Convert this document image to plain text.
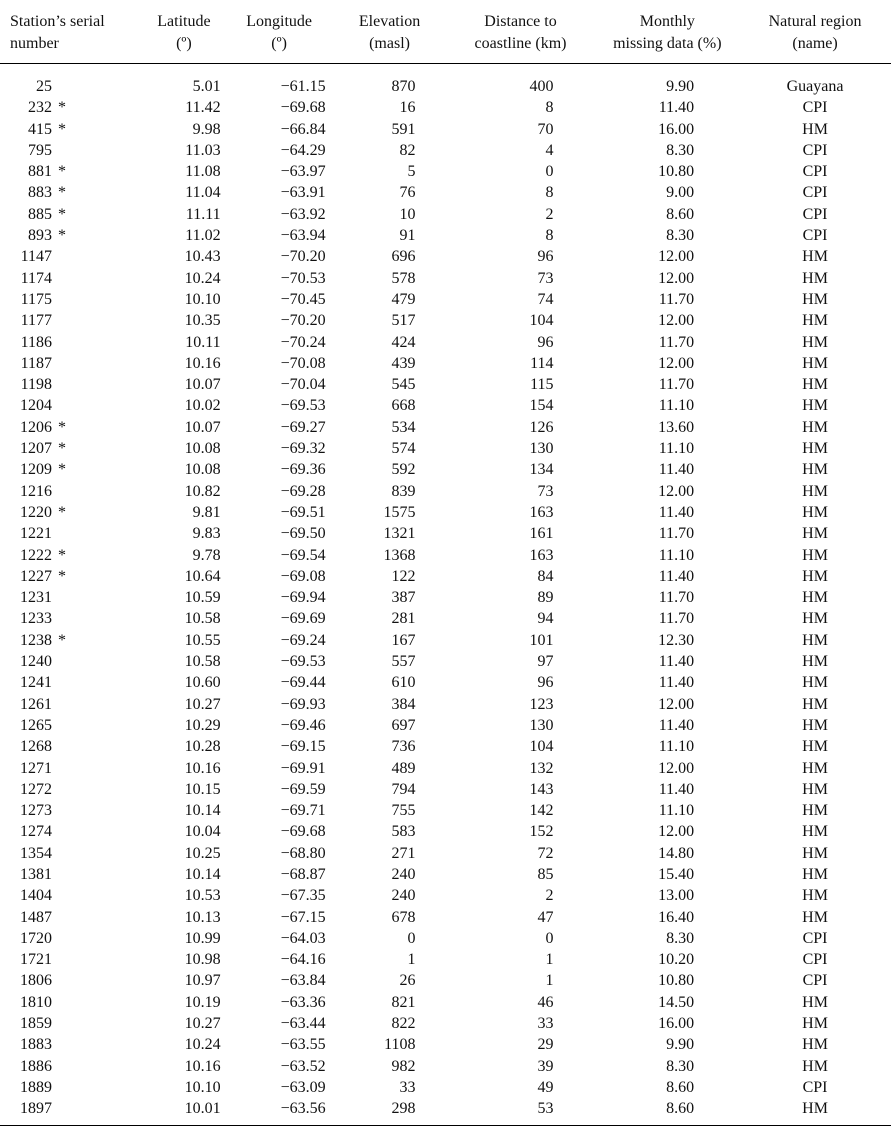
Station’s serial	Latitude	Longitude	Elevation	Distance to	Monthly	Natural region
number	(º)	(º)	(masl)	coastline (km)	missing data (%)	(name)
25	5.01	−61.15	870	400	9.90	Guayana
232 *	11.42	−69.68	16	8	11.40	CPI
415 *	9.98	−66.84	591	70	16.00	HM
795	11.03	−64.29	82	4	8.30	CPI
881 *	11.08	−63.97	5	0	10.80	CPI
883 *	11.04	−63.91	76	8	9.00	CPI
885 *	11.11	−63.92	10	2	8.60	CPI
893 *	11.02	−63.94	91	8	8.30	CPI
1147	10.43	−70.20	696	96	12.00	HM
1174	10.24	−70.53	578	73	12.00	HM
1175	10.10	−70.45	479	74	11.70	HM
1177	10.35	−70.20	517	104	12.00	HM
1186	10.11	−70.24	424	96	11.70	HM
1187	10.16	−70.08	439	114	12.00	HM
1198	10.07	−70.04	545	115	11.70	HM
1204	10.02	−69.53	668	154	11.10	HM
1206 *	10.07	−69.27	534	126	13.60	HM
1207 *	10.08	−69.32	574	130	11.10	HM
1209 *	10.08	−69.36	592	134	11.40	HM
1216	10.82	−69.28	839	73	12.00	HM
1220 *	9.81	−69.51	1575	163	11.40	HM
1221	9.83	−69.50	1321	161	11.70	HM
1222 *	9.78	−69.54	1368	163	11.10	HM
1227 *	10.64	−69.08	122	84	11.40	HM
1231	10.59	−69.94	387	89	11.70	HM
1233	10.58	−69.69	281	94	11.70	HM
1238 *	10.55	−69.24	167	101	12.30	HM
1240	10.58	−69.53	557	97	11.40	HM
1241	10.60	−69.44	610	96	11.40	HM
1261	10.27	−69.93	384	123	12.00	HM
1265	10.29	−69.46	697	130	11.40	HM
1268	10.28	−69.15	736	104	11.10	HM
1271	10.16	−69.91	489	132	12.00	HM
1272	10.15	−69.59	794	143	11.40	HM
1273	10.14	−69.71	755	142	11.10	HM
1274	10.04	−69.68	583	152	12.00	HM
1354	10.25	−68.80	271	72	14.80	HM
1381	10.14	−68.87	240	85	15.40	HM
1404	10.53	−67.35	240	2	13.00	HM
1487	10.13	−67.15	678	47	16.40	HM
1720	10.99	−64.03	0	0	8.30	CPI
1721	10.98	−64.16	1	1	10.20	CPI
1806	10.97	−63.84	26	1	10.80	CPI
1810	10.19	−63.36	821	46	14.50	HM
1859	10.27	−63.44	822	33	16.00	HM
1883	10.24	−63.55	1108	29	9.90	HM
1886	10.16	−63.52	982	39	8.30	HM
1889	10.10	−63.09	33	49	8.60	CPI
1897	10.01	−63.56	298	53	8.60	HM
